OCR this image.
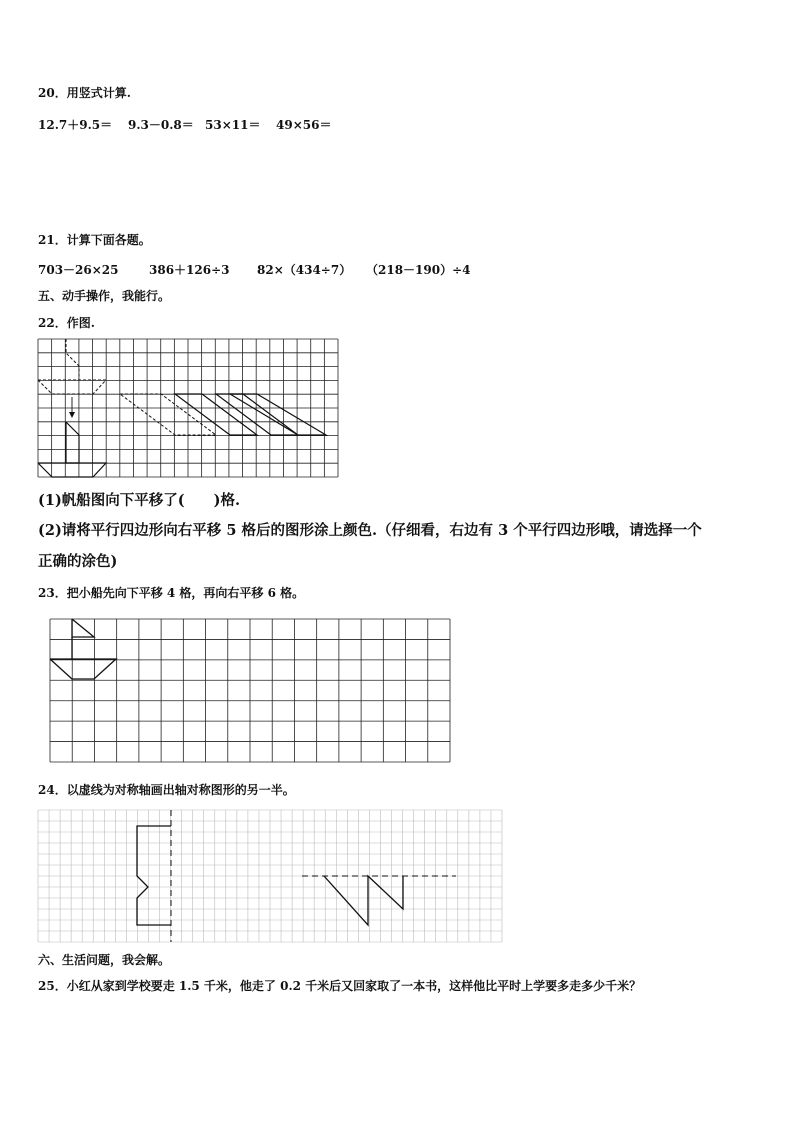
20．用竖式计算.
12.7＋9.5＝ 9.3－0.8＝ 53×11＝ 49×56＝
21．计算下面各题。
703－26×25	386＋126÷3 82×（434÷7） （218－190）÷4
五、动手操作，我能行。
22．作图.
(1)帆船图向下平移了(　　)格.
(2)请将平行四边形向右平移 5 格后的图形涂上颜色.（仔细看，右边有 3 个平行四边形哦，请选择一个
正确的涂色)
23．把小船先向下平移 4 格，再向右平移 6 格。
24．以虚线为对称轴画出轴对称图形的另一半。
六、生活问题，我会解。
25．小红从家到学校要走 1.5 千米，他走了 0.2 千米后又回家取了一本书，这样他比平时上学要多走多少千米？
